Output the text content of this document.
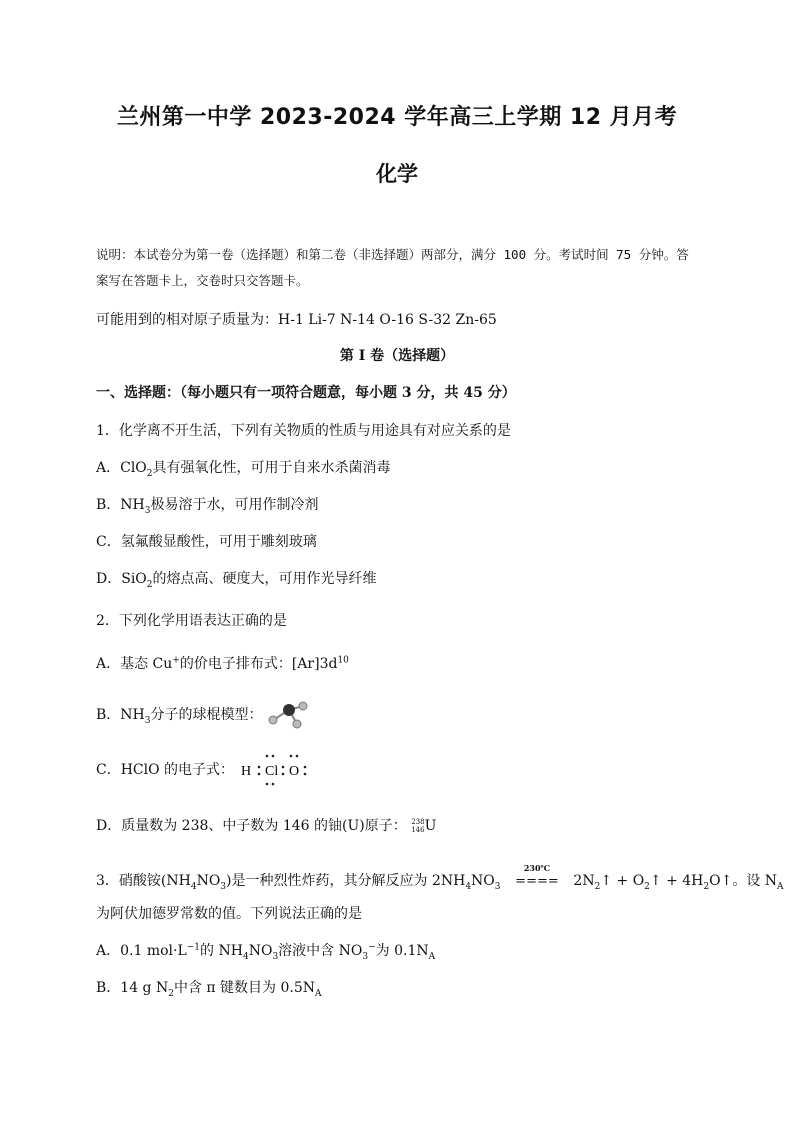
兰州第一中学 2023-2024 学年高三上学期 12 月月考
化学
说明：本试卷分为第一卷（选择题）和第二卷（非选择题）两部分，满分 100 分。考试时间 75 分钟。答案写在答题卡上，交卷时只交答题卡。
可能用到的相对原子质量为：H-1 Li-7 N-14 O-16 S-32 Zn-65
第 I 卷（选择题）
一、选择题：（每小题只有一项符合题意，每小题 3 分，共 45 分）
1．化学离不开生活，下列有关物质的性质与用途具有对应关系的是
A．ClO$_2$具有强氧化性，可用于自来水杀菌消毒
B．$NH_3$极易溶于水，可用作制冷剂
C．氢氟酸显酸性，可用于雕刻玻璃
D．SiO$_2$的熔点高、硬度大，可用作光导纤维
2．下列化学用语表达正确的是
A．基态 Cu+的价电子排布式：$[Ar]3d^{10}$
B．$NH_3$分子的球棍模型：
C．HClO 的电子式： H Cl O
D．质量数为 238、中子数为 146 的铀(U)原子： 238
146 U
3．硝酸铵$(NH_4NO_3)$是一种烈性炸药，其分解反应为 $2NH_4NO_3$
230℃
==== $2N_2↑$ + $O_2↑$ + $4H_2O↑$。设 $N_A$
为阿伏加德罗常数的值。下列说法正确的是
A．0.1 $mol\cdot L^{-1}$的 $NH_4NO_3$溶液中含 $NO_3^-$为 $0.1N_A$
B．14 g $N_2$中含 π 键数目为 $0.5N_A$
